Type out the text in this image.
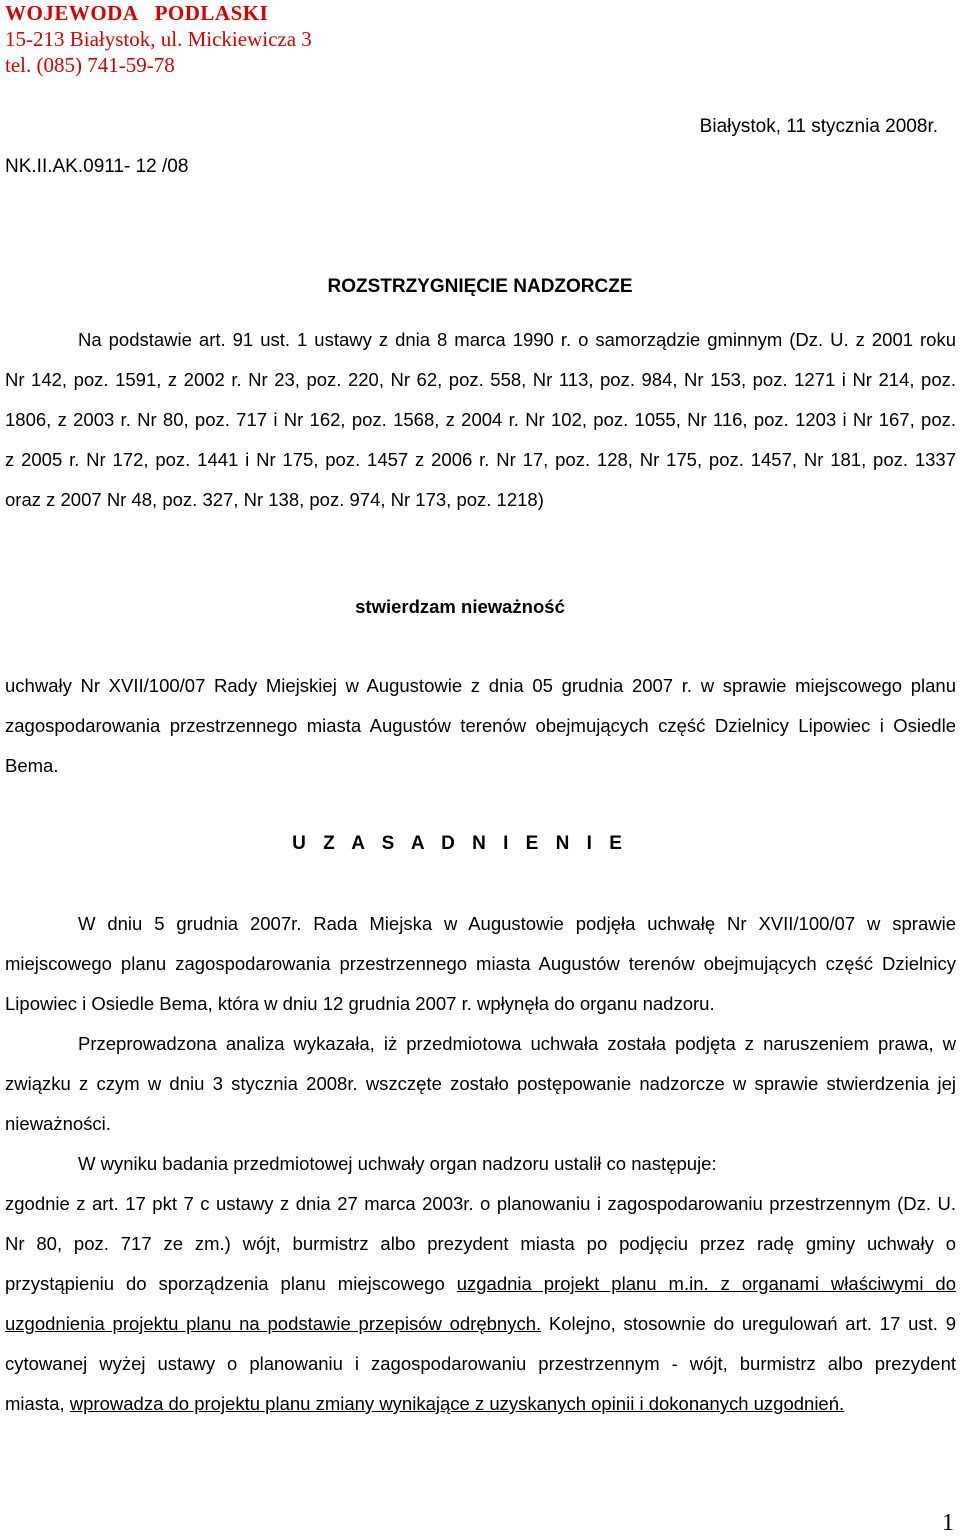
WOJEWODA   PODLASKI
15-213 Białystok, ul. Mickiewicza 3
tel. (085) 741-59-78
Białystok, 11 stycznia 2008r.
NK.II.AK.0911- 12 /08
ROZSTRZYGNIĘCIE NADZORCZE
Na podstawie art. 91 ust. 1 ustawy z dnia 8 marca 1990 r. o samorządzie gminnym (Dz. U. z 2001 roku
Nr 142, poz. 1591, z 2002 r. Nr 23, poz. 220, Nr 62, poz. 558, Nr 113, poz. 984, Nr 153, poz. 1271 i Nr 214, poz.
1806, z 2003 r. Nr 80, poz. 717 i Nr 162, poz. 1568, z 2004 r. Nr 102, poz. 1055, Nr 116, poz. 1203 i Nr 167, poz.
z 2005 r. Nr 172, poz. 1441 i Nr 175, poz. 1457 z 2006 r. Nr 17, poz. 128, Nr 175, poz. 1457, Nr 181, poz. 1337
oraz z 2007 Nr 48, poz. 327, Nr 138, poz. 974, Nr 173, poz. 1218)
stwierdzam nieważność
uchwały Nr XVII/100/07 Rady Miejskiej w Augustowie z dnia 05 grudnia 2007 r. w sprawie miejscowego planu
zagospodarowania przestrzennego miasta Augustów terenów obejmujących część Dzielnicy Lipowiec i Osiedle
Bema.
U Z A S A D N I E N I E
W dniu 5 grudnia 2007r. Rada Miejska w Augustowie podjęła uchwałę Nr XVII/100/07 w sprawie
miejscowego planu zagospodarowania przestrzennego miasta Augustów terenów obejmujących część Dzielnicy
Lipowiec i Osiedle Bema, która w dniu 12 grudnia 2007 r. wpłynęła do organu nadzoru.
Przeprowadzona analiza wykazała, iż przedmiotowa uchwała została podjęta z naruszeniem prawa, w
związku z czym w dniu 3 stycznia 2008r. wszczęte zostało postępowanie nadzorcze w sprawie stwierdzenia jej
nieważności.
W wyniku badania przedmiotowej uchwały organ nadzoru ustalił co następuje:
zgodnie z art. 17 pkt 7 c ustawy z dnia 27 marca 2003r. o planowaniu i zagospodarowaniu przestrzennym (Dz. U.
Nr 80, poz. 717 ze zm.) wójt, burmistrz albo prezydent miasta po podjęciu przez radę gminy uchwały o
przystąpieniu do sporządzenia planu miejscowego uzgadnia projekt planu m.in. z organami właściwymi do
uzgodnienia projektu planu na podstawie przepisów odrębnych. Kolejno, stosownie do uregulowań art. 17 ust. 9
cytowanej wyżej ustawy o planowaniu i zagospodarowaniu przestrzennym - wójt, burmistrz albo prezydent
miasta, wprowadza do projektu planu zmiany wynikające z uzyskanych opinii i dokonanych uzgodnień.
1
